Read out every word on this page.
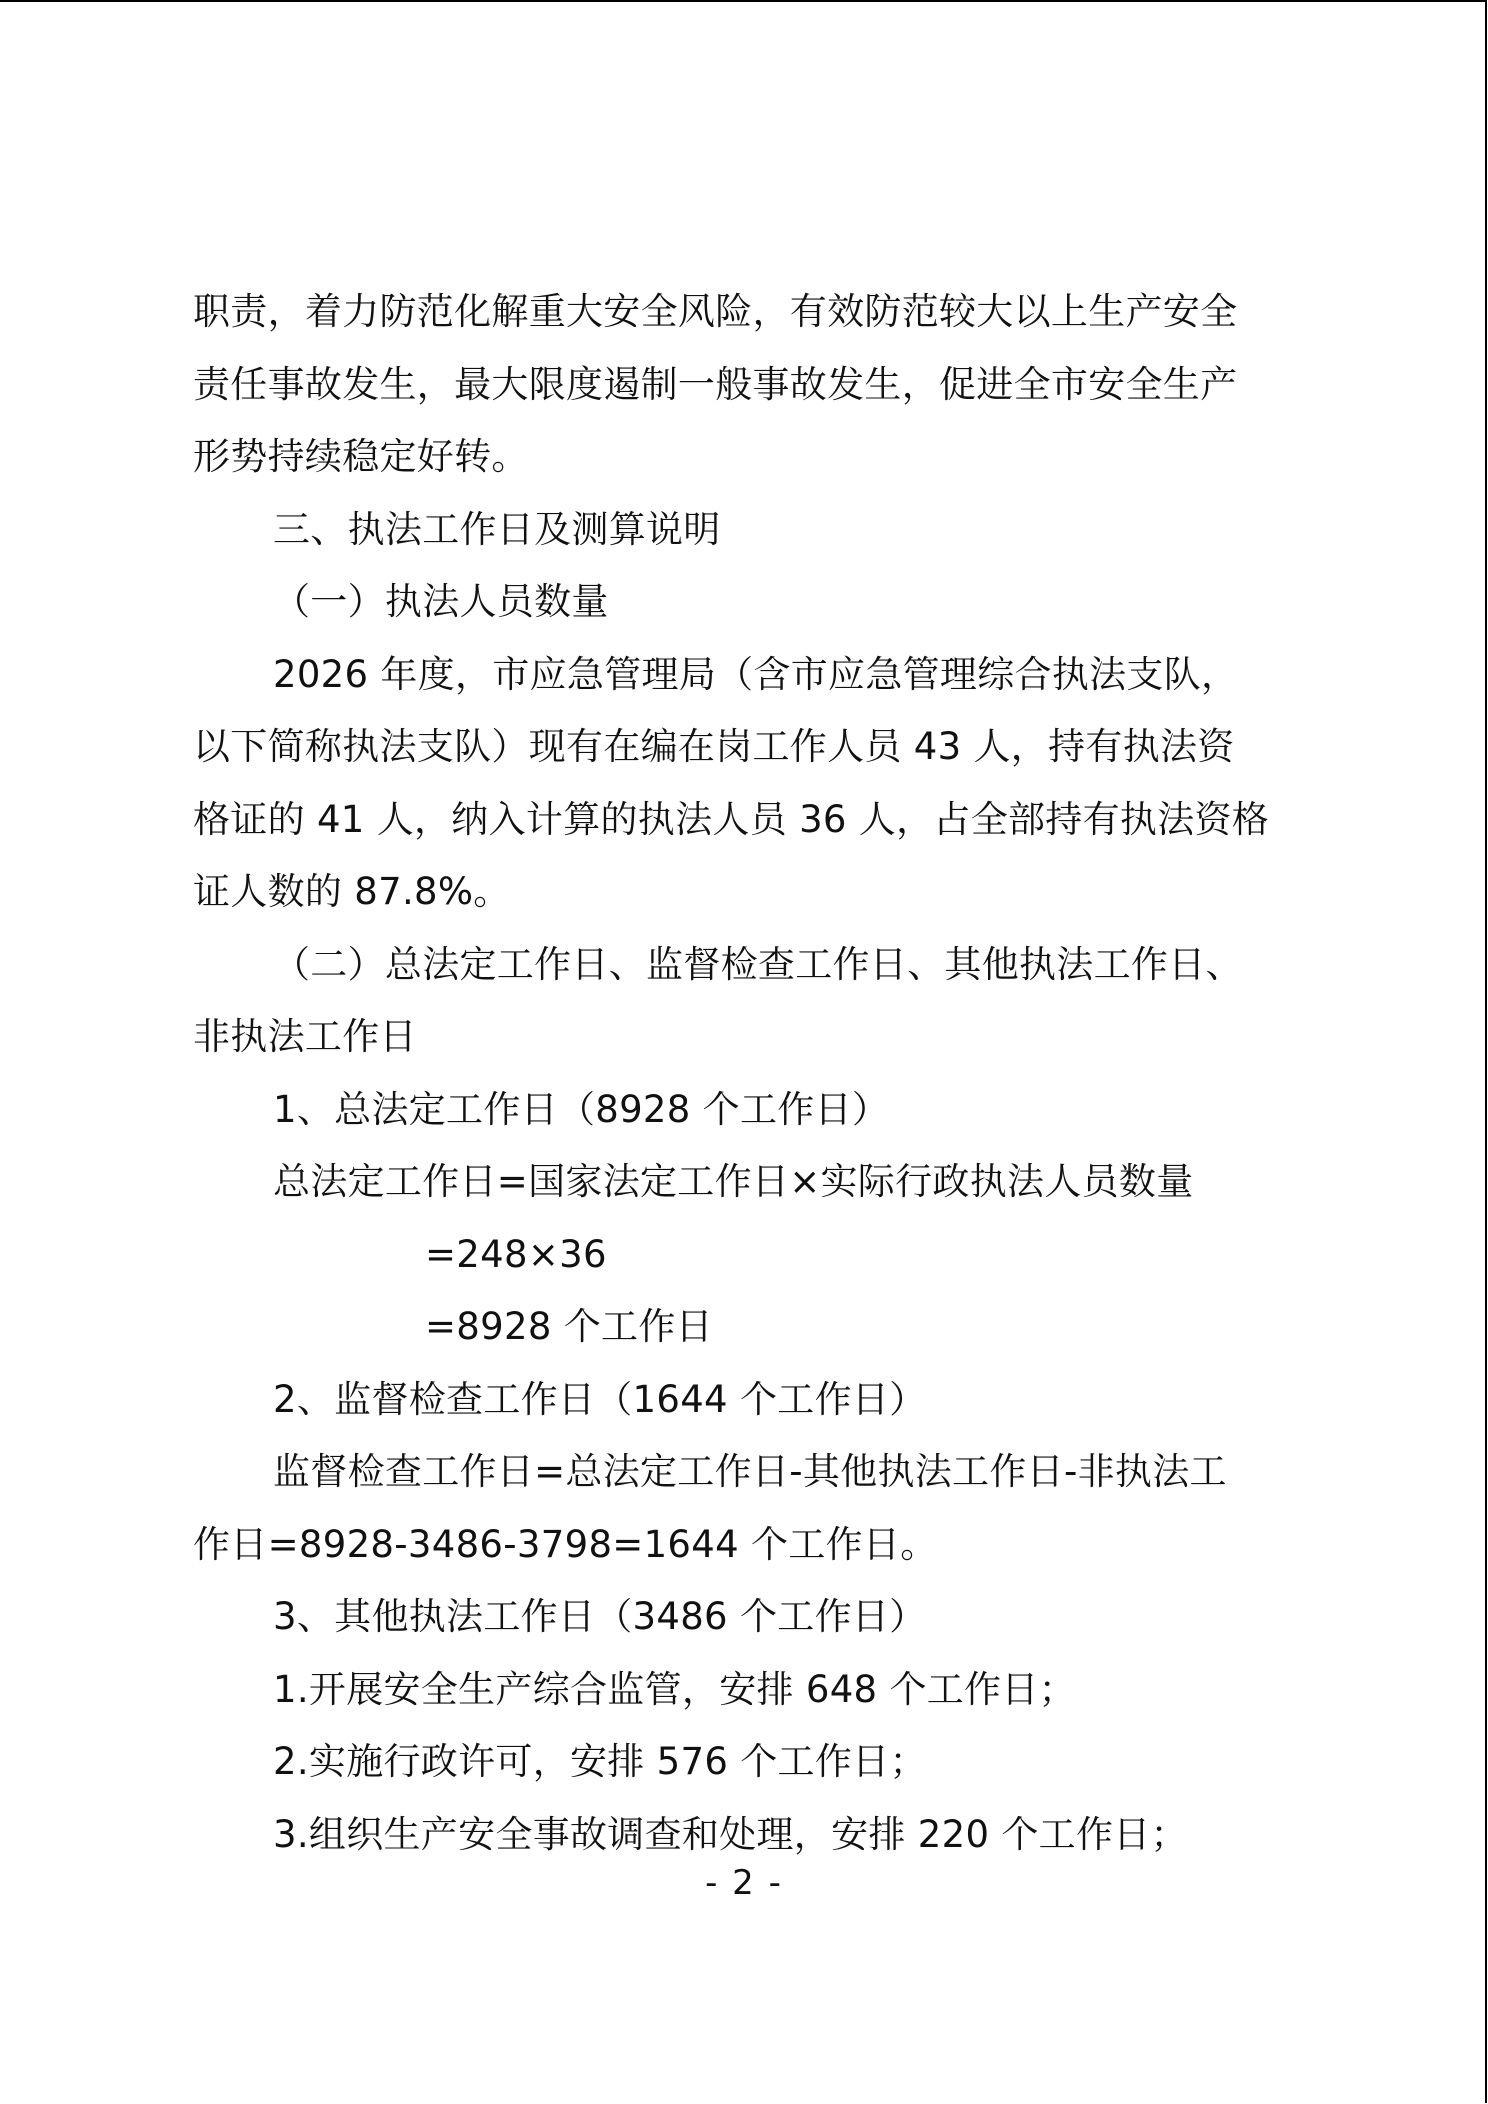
职责，着力防范化解重大安全风险，有效防范较大以上生产安全
责任事故发生，最大限度遏制一般事故发生，促进全市安全生产
形势持续稳定好转。
三、执法工作日及测算说明
（一）执法人员数量
2026 年度，市应急管理局（含市应急管理综合执法支队，
以下简称执法支队）现有在编在岗工作人员 43 人，持有执法资
格证的 41 人，纳入计算的执法人员 36 人，占全部持有执法资格
证人数的 87.8%。
（二）总法定工作日、监督检查工作日、其他执法工作日、
非执法工作日
1、总法定工作日（8928 个工作日）
总法定工作日=国家法定工作日×实际行政执法人员数量
=248×36
=8928 个工作日
2、监督检查工作日（1644 个工作日）
监督检查工作日=总法定工作日-其他执法工作日-非执法工
作日=8928-3486-3798=1644 个工作日。
3、其他执法工作日（3486 个工作日）
1.开展安全生产综合监管，安排 648 个工作日；
2.实施行政许可，安排 576 个工作日；
3.组织生产安全事故调查和处理，安排 220 个工作日；
- 2 -
